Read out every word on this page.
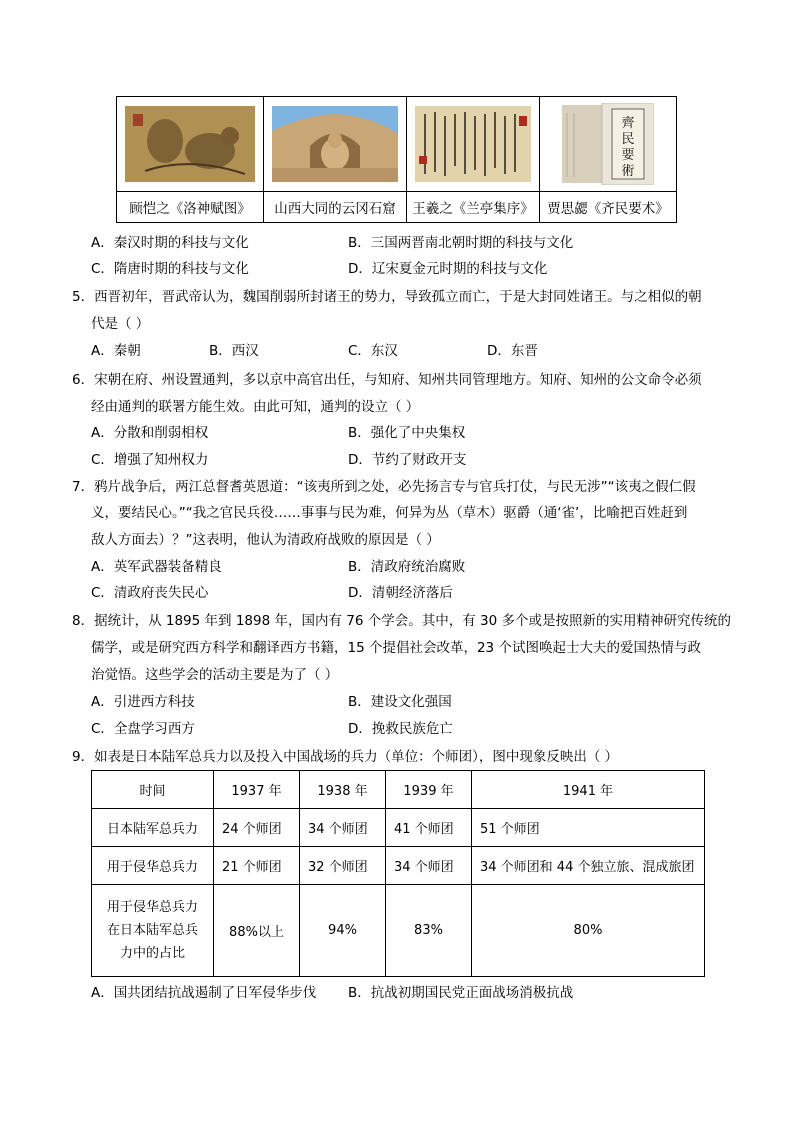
齊
民
要
術

顾恺之《洛神赋图》	山西大同的云冈石窟	王羲之《兰亭集序》	贾思勰《齐民要术》
A．秦汉时期的科技与文化	B．三国两晋南北朝时期的科技与文化
C．隋唐时期的科技与文化	D．辽宋夏金元时期的科技与文化
5．西晋初年，晋武帝认为，魏国削弱所封诸王的势力，导致孤立而亡，于是大封同姓诸王。与之相似的朝
代是（ ）
A．秦朝	B．西汉	C．东汉	D．东晋
6．宋朝在府、州设置通判，多以京中高官出任，与知府、知州共同管理地方。知府、知州的公文命令必须
经由通判的联署方能生效。由此可知，通判的设立（ ）
A．分散和削弱相权	B．强化了中央集权
C．增强了知州权力	D．节约了财政开支
7．鸦片战争后，两江总督耆英恩道：“该夷所到之处，必先扬言专与官兵打仗，与民无涉”“该夷之假仁假
义，要结民心。”“我之官民兵役……事事与民为难，何异为丛（草木）驱爵（通‘雀’，比喻把百姓赶到
敌人方面去）？”这表明，他认为清政府战败的原因是（ ）
A．英军武器装备精良	B．清政府统治腐败
C．清政府丧失民心	D．清朝经济落后
8．据统计，从 1895 年到 1898 年，国内有 76 个学会。其中，有 30 多个或是按照新的实用精神研究传统的
儒学，或是研究西方科学和翻译西方书籍，15 个提倡社会改革，23 个试图唤起士大夫的爱国热情与政
治觉悟。这些学会的活动主要是为了（ ）
A．引进西方科技	B．建设文化强国
C．全盘学习西方	D．挽救民族危亡
9．如表是日本陆军总兵力以及投入中国战场的兵力（单位：个师团），图中现象反映出（ ）
时间	1937 年	1938 年	1939 年	1941 年
日本陆军总兵力	24 个师团	34 个师团	41 个师团	51 个师团
用于侵华总兵力	21 个师团	32 个师团	34 个师团	34 个师团和 44 个独立旅、混成旅团

用于侵华总兵力
在日本陆军总兵
力中的占比	88%以上	94%	83%	80%
A．国共团结抗战遏制了日军侵华步伐 B．抗战初期国民党正面战场消极抗战
